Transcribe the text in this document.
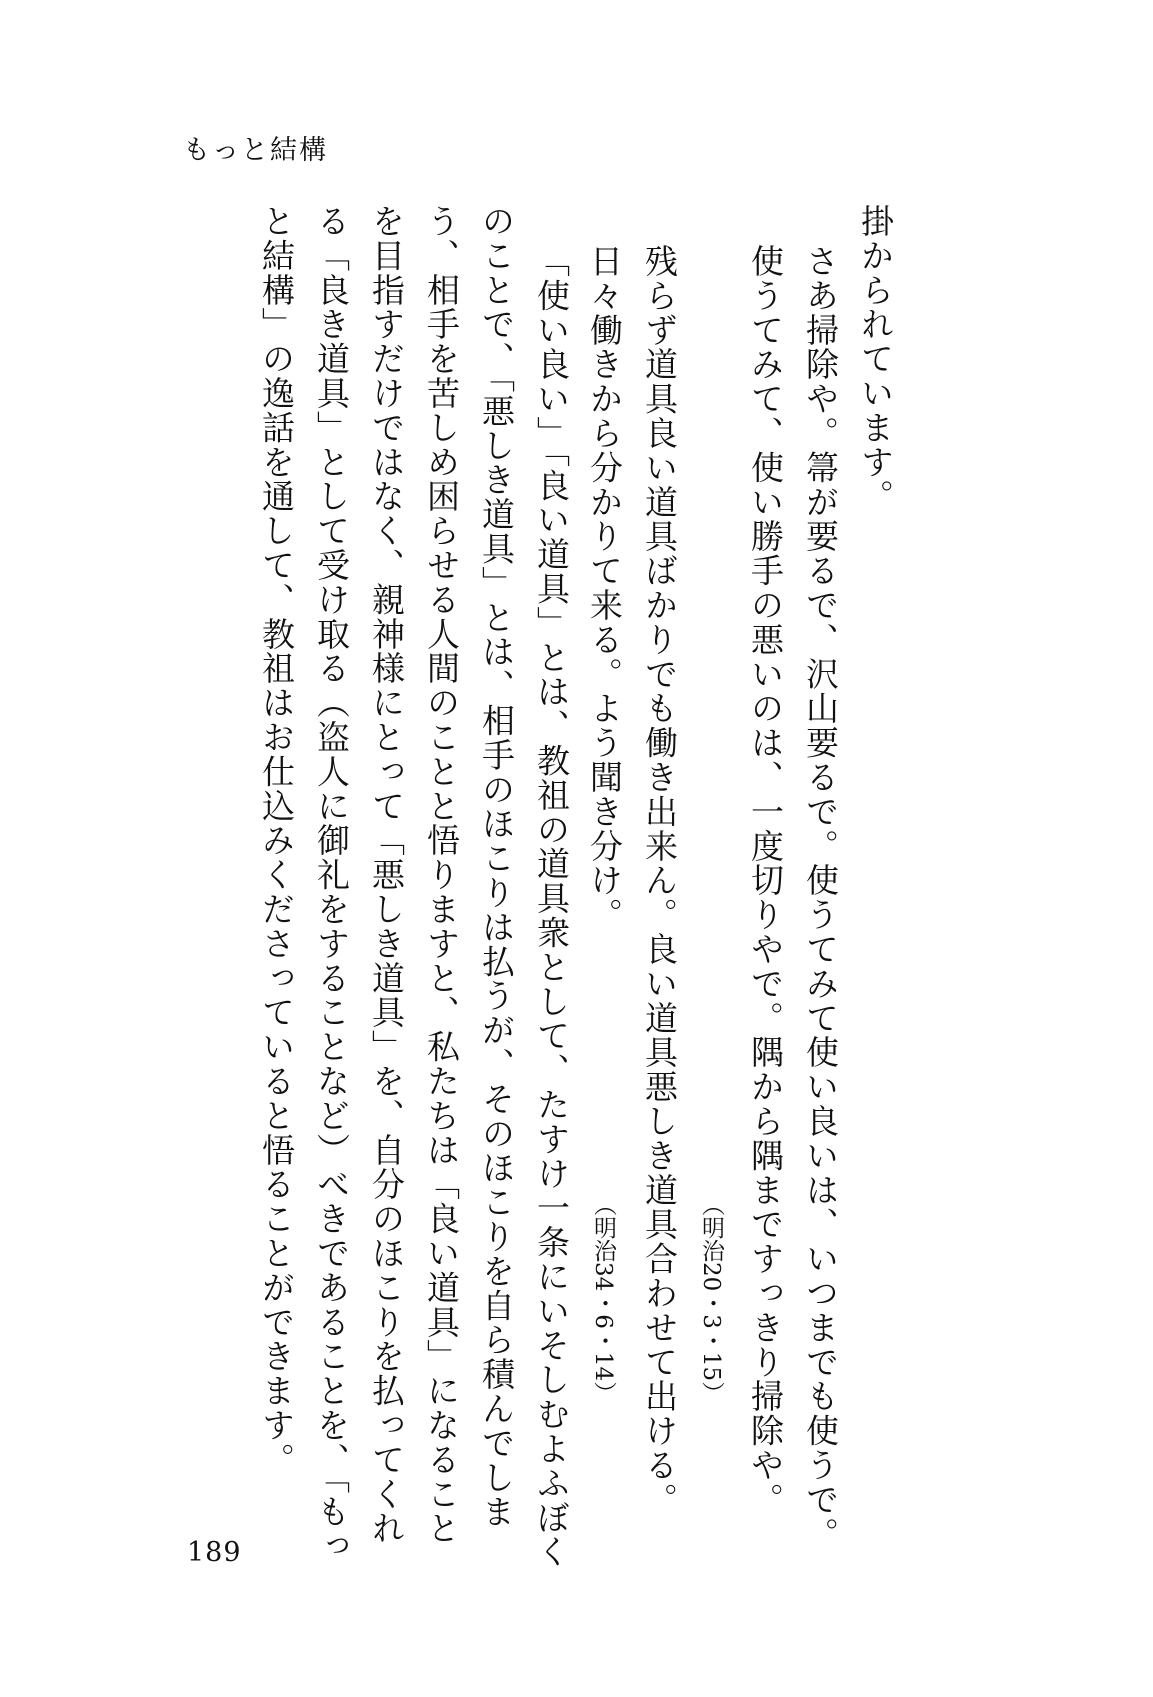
もっと結構
掛かられています。
さあ掃除や。箒が要るで、沢山要るで。使うてみて使い良いは、いつまでも使うで。
使うてみて、使い勝手の悪いのは、一度切りやで。隅から隅まですっきり掃除や。
（明治20・3・15）
残らず道具良い道具ばかりでも働き出来ん。良い道具悪しき道具合わせて出ける。
日々働きから分かりて来る。よう聞き分け。
（明治34・6・14）
「使い良い」「良い道具」とは、教祖の道具衆として、たすけ一条にいそしむよふぼく
のことで、「悪しき道具」とは、相手のほこりは払うが、そのほこりを自ら積んでしま
う、相手を苦しめ困らせる人間のことと悟りますと、私たちは「良い道具」になること
を目指すだけではなく、親神様にとって「悪しき道具」を、自分のほこりを払ってくれ
る「良き道具」として受け取る（盗人に御礼をすることなど）べきであることを、「もっ
と結構」の逸話を通して、教祖はお仕込みくださっていると悟ることができます。
189
